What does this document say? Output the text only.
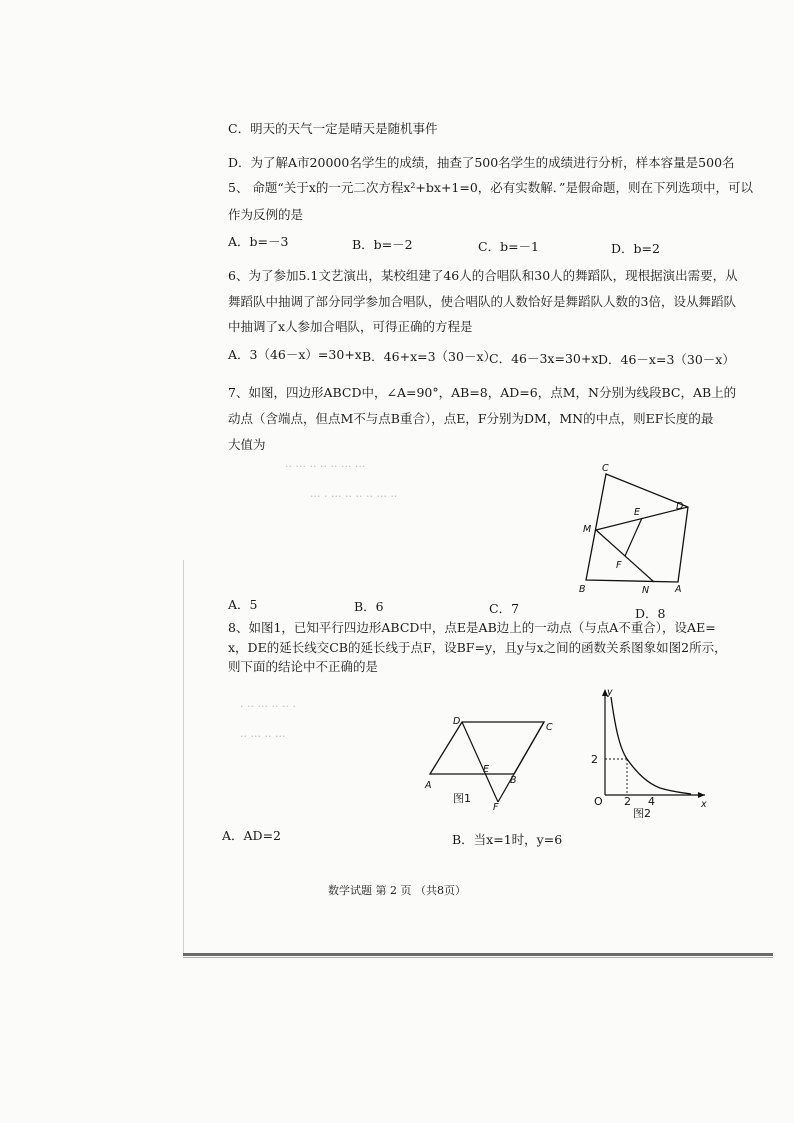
C．明天的天气一定是晴天是随机事件
D．为了解A市20000名学生的成绩，抽查了500名学生的成绩进行分析，样本容量是500名
5、 命题“关于x的一元二次方程x²+bx+1=0，必有实数解．”是假命题，则在下列选项中，可以
作为反例的是
A．b=－3	B．b=－2	C．b=－1	D．b=2
6、为了参加5.1文艺演出，某校组建了46人的合唱队和30人的舞蹈队，现根据演出需要，从
舞蹈队中抽调了部分同学参加合唱队，使合唱队的人数恰好是舞蹈队人数的3倍，设从舞蹈队
中抽调了x人参加合唱队，可得正确的方程是
A．3（46－x）=30+x B．46+x=3（30－x）
C．46－3x=30+x D．46－x=3（30－x）
7、如图，四边形ABCD中，∠A=90°，AB=8，AD=6，点M，N分别为线段BC，AB上的
动点（含端点，但点M不与点B重合），点E，F分别为DM，MN的中点，则EF长度的最
大值为
·· ··· ·· ·· ·· ··· ···
··· · ··· ·· ·· ·· ··· ··
C
E
D
M
F
B	N	A
A．5	B．6	C．7	D．8
8、如图1，已知平行四边形ABCD中，点E是AB边上的一动点（与点A不重合），设AE=
x，DE的延长线交CB的延长线于点F，设BF=y，且y与x之间的函数关系图象如图2所示，
则下面的结论中不正确的是
· ·· ··· ·· ·· ·
·· ··· ·· ···
D
C
E
A	B
F
图1
y
2
O 2 4	x
图2
A．AD=2	B．当x=1时，y=6
数学试题 第 2 页 （共8页）
